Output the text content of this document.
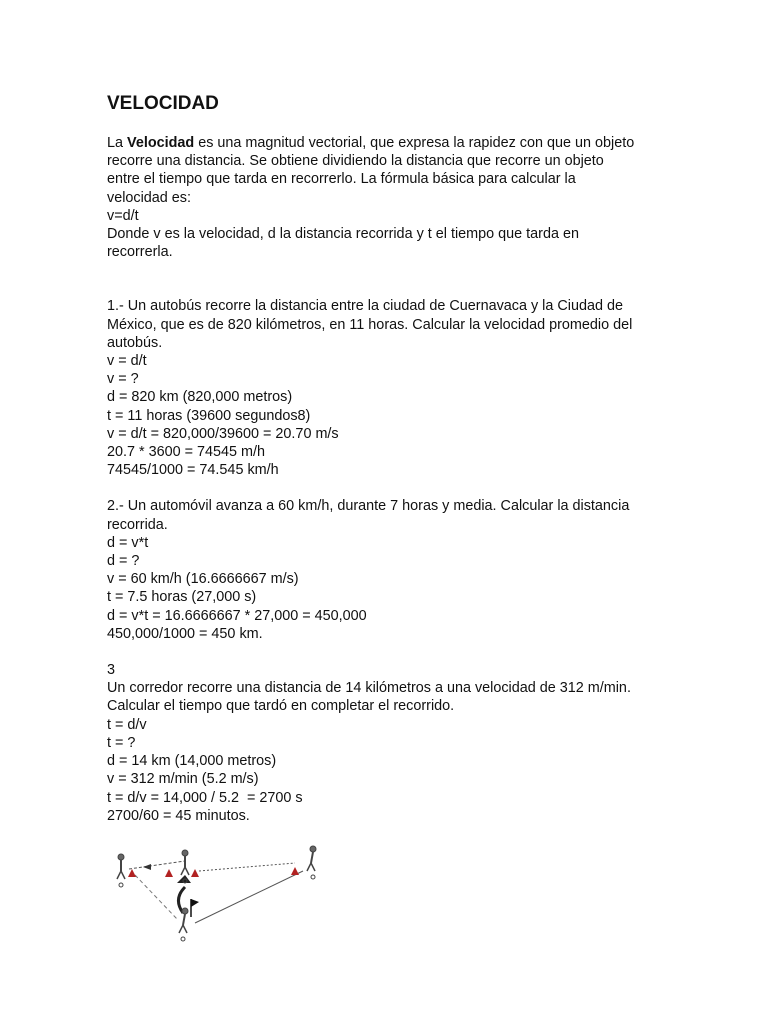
VELOCIDAD

La Velocidad es una magnitud vectorial, que expresa la rapidez con que un objeto

recorre una distancia. Se obtiene dividiendo la distancia que recorre un objeto

entre el tiempo que tarda en recorrerlo. La fórmula básica para calcular la

velocidad es:

v=d/t

Donde v es la velocidad, d la distancia recorrida y t el tiempo que tarda en

recorrerla.

1.- Un autobús recorre la distancia entre la ciudad de Cuernavaca y la Ciudad de

México, que es de 820 kilómetros, en 11 horas. Calcular la velocidad promedio del

autobús.

v = d/t

v = ?

d = 820 km (820,000 metros)

t = 11 horas (39600 segundos8)

v = d/t = 820,000/39600 = 20.70 m/s

20.7 * 3600 = 74545 m/h

74545/1000 = 74.545 km/h

2.- Un automóvil avanza a 60 km/h, durante 7 horas y media. Calcular la distancia

recorrida.

d = v*t

d = ?

v = 60 km/h (16.6666667 m/s)

t = 7.5 horas (27,000 s)

d = v*t = 16.6666667 * 27,000 = 450,000

450,000/1000 = 450 km.

3

Un corredor recorre una distancia de 14 kilómetros a una velocidad de 312 m/min.

Calcular el tiempo que tardó en completar el recorrido.

t = d/v

t = ?

d = 14 km (14,000 metros)

v = 312 m/min (5.2 m/s)

t = d/v = 14,000 / 5.2  = 2700 s

2700/60 = 45 minutos.
